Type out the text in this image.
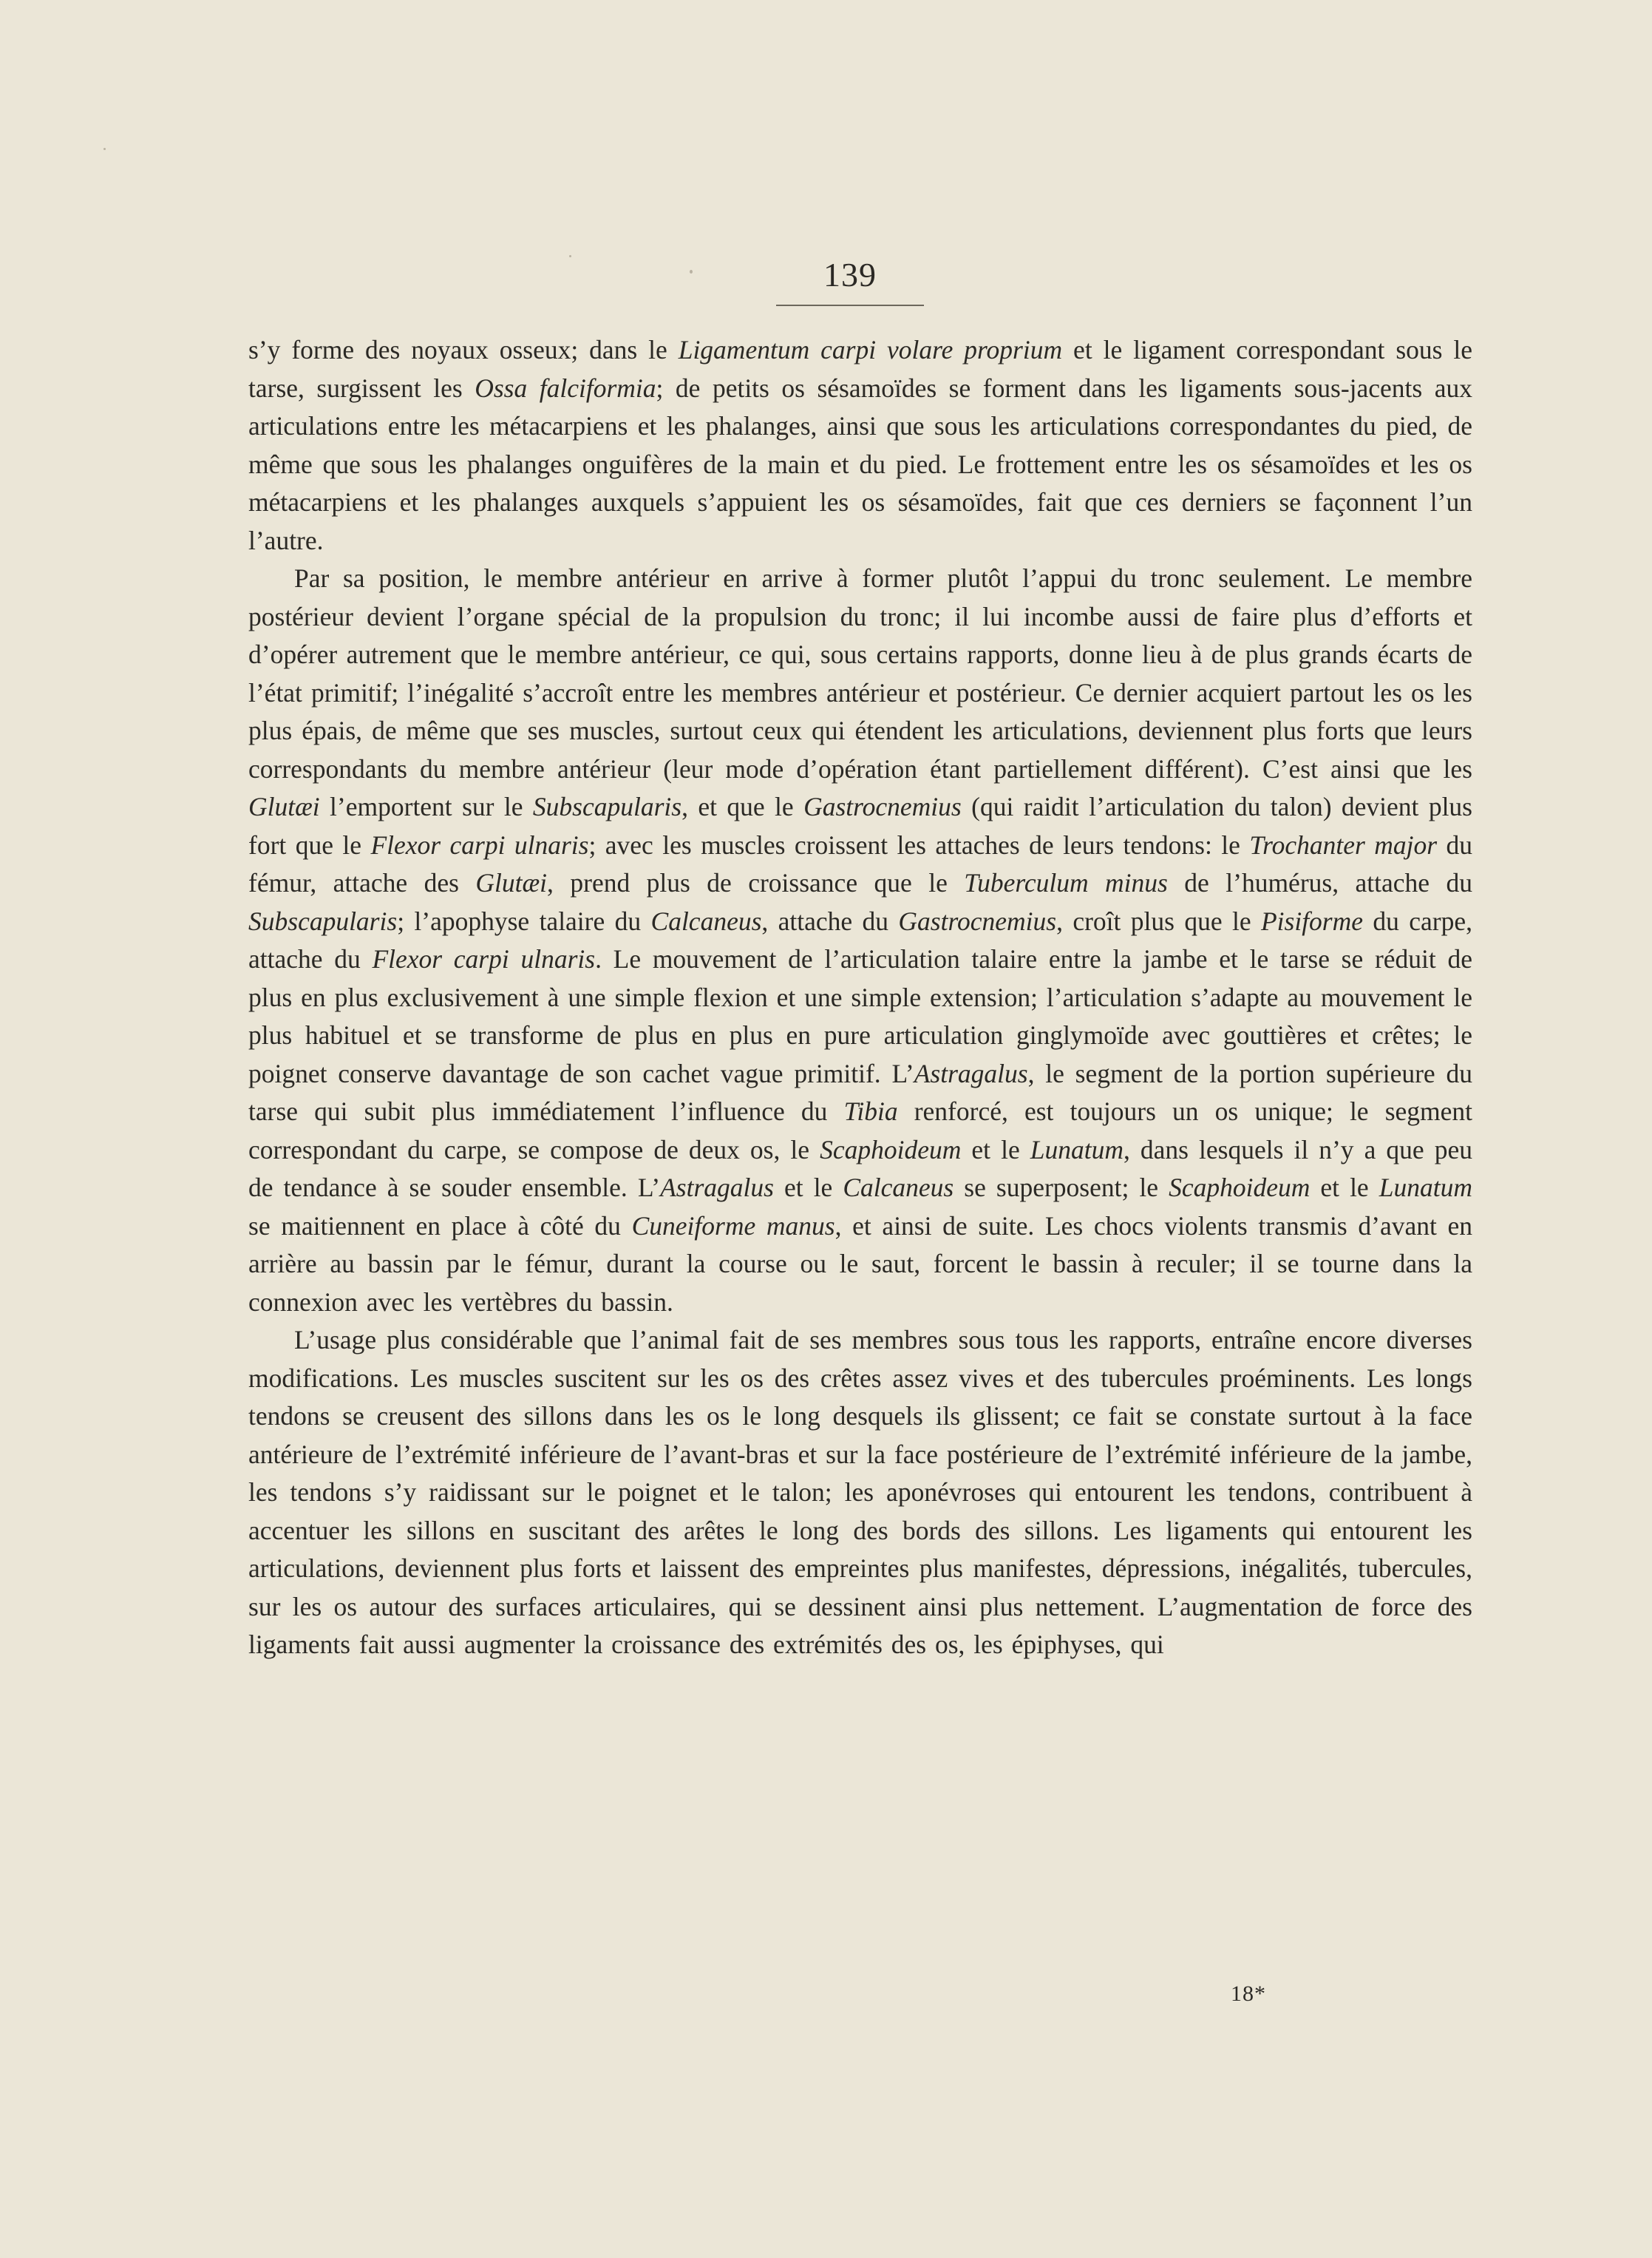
139

s’y forme des noyaux osseux; dans le Ligamentum carpi volare proprium et le ligament correspondant sous le tarse, surgissent les Ossa falciformia; de petits os sésamoïdes se forment dans les ligaments sous-jacents aux articulations entre les métacarpiens et les phalanges, ainsi que sous les articulations correspondantes du pied, de même que sous les phalanges onguifères de la main et du pied. Le frottement entre les os sésamoïdes et les os métacarpiens et les phalanges auxquels s’appuient les os sésamoïdes, fait que ces derniers se façonnent l’un l’autre.

Par sa position, le membre antérieur en arrive à former plutôt l’appui du tronc seulement. Le membre postérieur devient l’organe spécial de la propulsion du tronc; il lui incombe aussi de faire plus d’efforts et d’opérer autrement que le membre antérieur, ce qui, sous certains rapports, donne lieu à de plus grands écarts de l’état primitif; l’inégalité s’accroît entre les membres antérieur et postérieur. Ce dernier acquiert partout les os les plus épais, de même que ses muscles, surtout ceux qui étendent les articulations, deviennent plus forts que leurs correspondants du membre antérieur (leur mode d’opération étant partiellement différent). C’est ainsi que les Glutæi l’emportent sur le Subscapularis, et que le Gastrocnemius (qui raidit l’articulation du talon) devient plus fort que le Flexor carpi ulnaris; avec les muscles croissent les attaches de leurs tendons: le Trochanter major du fémur, attache des Glutæi, prend plus de croissance que le Tuberculum minus de l’humérus, attache du Subscapularis; l’apophyse talaire du Calcaneus, attache du Gastrocnemius, croît plus que le Pisiforme du carpe, attache du Flexor carpi ulnaris. Le mouvement de l’articulation talaire entre la jambe et le tarse se réduit de plus en plus exclusivement à une simple flexion et une simple extension; l’articulation s’adapte au mouvement le plus habituel et se transforme de plus en plus en pure articulation ginglymoïde avec gouttières et crêtes; le poignet conserve davantage de son cachet vague primitif. L’Astragalus, le segment de la portion supérieure du tarse qui subit plus immédiatement l’influence du Tibia renforcé, est toujours un os unique; le segment correspondant du carpe, se compose de deux os, le Scaphoideum et le Lunatum, dans lesquels il n’y a que peu de tendance à se souder ensemble. L’Astragalus et le Calcaneus se superposent; le Scaphoideum et le Lunatum se maitiennent en place à côté du Cuneiforme manus, et ainsi de suite. Les chocs violents transmis d’avant en arrière au bassin par le fémur, durant la course ou le saut, forcent le bassin à reculer; il se tourne dans la connexion avec les vertèbres du bassin.

L’usage plus considérable que l’animal fait de ses membres sous tous les rapports, entraîne encore diverses modifications. Les muscles suscitent sur les os des crêtes assez vives et des tubercules proéminents. Les longs tendons se creusent des sillons dans les os le long desquels ils glissent; ce fait se constate surtout à la face antérieure de l’extrémité inférieure de l’avant-bras et sur la face postérieure de l’extrémité inférieure de la jambe, les tendons s’y raidissant sur le poignet et le talon; les aponévroses qui entourent les tendons, contribuent à accentuer les sillons en suscitant des arêtes le long des bords des sillons. Les ligaments qui entourent les articulations, deviennent plus forts et laissent des empreintes plus manifestes, dépressions, inégalités, tubercules, sur les os autour des surfaces articulaires, qui se dessinent ainsi plus nettement. L’augmentation de force des ligaments fait aussi augmenter la croissance des extrémités des os, les épiphyses, qui

18*
